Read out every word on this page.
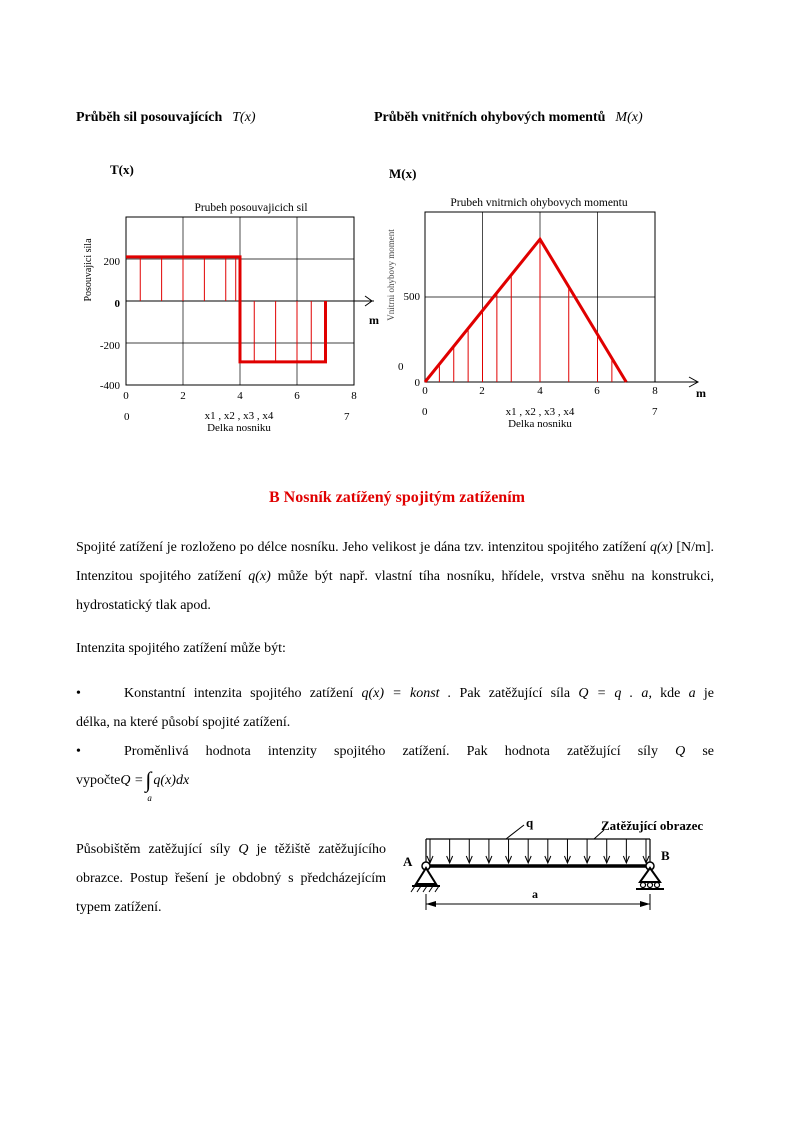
Průběh sil posouvajících T(x)	Průběh vnitřních ohybových momentů M(x)
T(x)
Prubeh posouvajicich sil
Posouvajici sila 200
0
-200
-400
0	2	4	6	8
m
0	x1 , x2 , x3 , x4
Delka nosniku
7
M(x)
Prubeh vnitrnich ohybovych momentu
Vnitrni ohybovy moment 500
0
0
0	2	4	6	8	m
0	x1 , x2 , x3 , x4
Delka nosniku
7
B Nosník zatížený spojitým zatížením
Spojité zatížení je rozloženo po délce nosníku. Jeho velikost je dána tzv. intenzitou spojitého zatížení q(x) [N/m]. Intenzitou spojitého zatížení q(x) může být např. vlastní tíha nosníku, hřídele, vrstva sněhu na konstrukci, hydrostatický tlak apod.
Intenzita spojitého zatížení může být:
•	Konstantní intenzita spojitého zatížení q(x) = konst . Pak zatěžující síla Q = q . a, kde a je
délka, na které působí spojité zatížení.
•	Proměnlivá hodnota intenzity spojitého zatížení. Pak hodnota zatěžující síly Q se
vypočteQ =∫
a
q(x)dx
Působištěm zatěžující síly Q je těžiště zatěžujícího obrazce. Postup řešení je obdobný s předcházejícím typem zatížení.
q	Zatěžující obrazec
A	B
a
